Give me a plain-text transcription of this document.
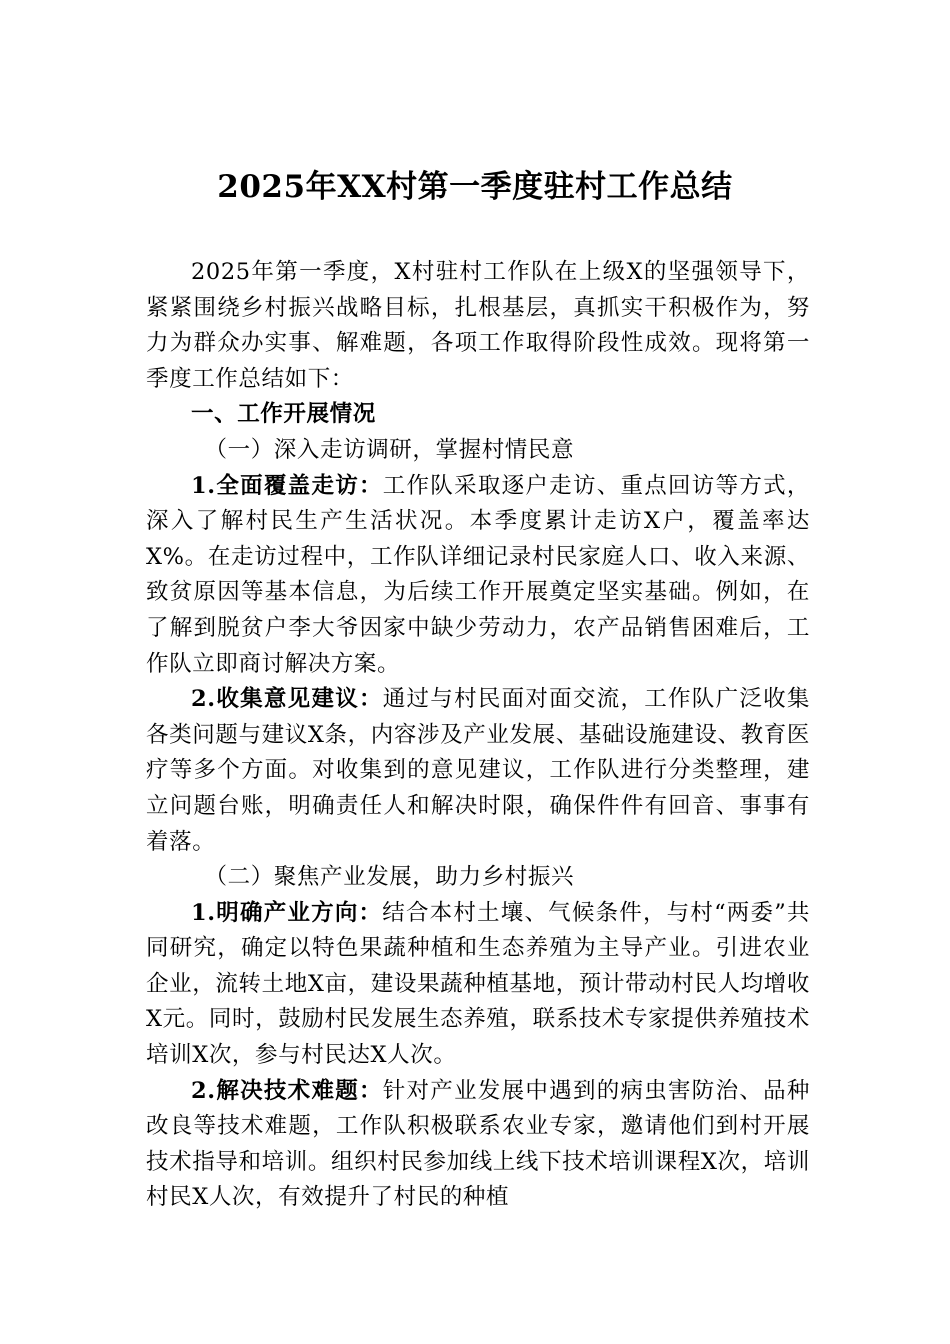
2025年XX村第一季度驻村工作总结

2025年第一季度，X村驻村工作队在上级X的坚强领导下，紧紧围绕乡村振兴战略目标，扎根基层，真抓实干积极作为，努力为群众办实事、解难题，各项工作取得阶段性成效。现将第一季度工作总结如下：

一、工作开展情况

（一）深入走访调研，掌握村情民意

1.全面覆盖走访：工作队采取逐户走访、重点回访等方式，深入了解村民生产生活状况。本季度累计走访X户，覆盖率达X%。在走访过程中，工作队详细记录村民家庭人口、收入来源、致贫原因等基本信息，为后续工作开展奠定坚实基础。例如，在了解到脱贫户李大爷因家中缺少劳动力，农产品销售困难后，工作队立即商讨解决方案。

2.收集意见建议：通过与村民面对面交流，工作队广泛收集各类问题与建议X条，内容涉及产业发展、基础设施建设、教育医疗等多个方面。对收集到的意见建议，工作队进行分类整理，建立问题台账，明确责任人和解决时限，确保件件有回音、事事有着落。

（二）聚焦产业发展，助力乡村振兴

1.明确产业方向：结合本村土壤、气候条件，与村“两委”共同研究，确定以特色果蔬种植和生态养殖为主导产业。引进农业企业，流转土地X亩，建设果蔬种植基地，预计带动村民人均增收X元。同时，鼓励村民发展生态养殖，联系技术专家提供养殖技术培训X次，参与村民达X人次。

2.解决技术难题：针对产业发展中遇到的病虫害防治、品种改良等技术难题，工作队积极联系农业专家，邀请他们到村开展技术指导和培训。组织村民参加线上线下技术培训课程X次，培训村民X人次，有效提升了村民的种植
